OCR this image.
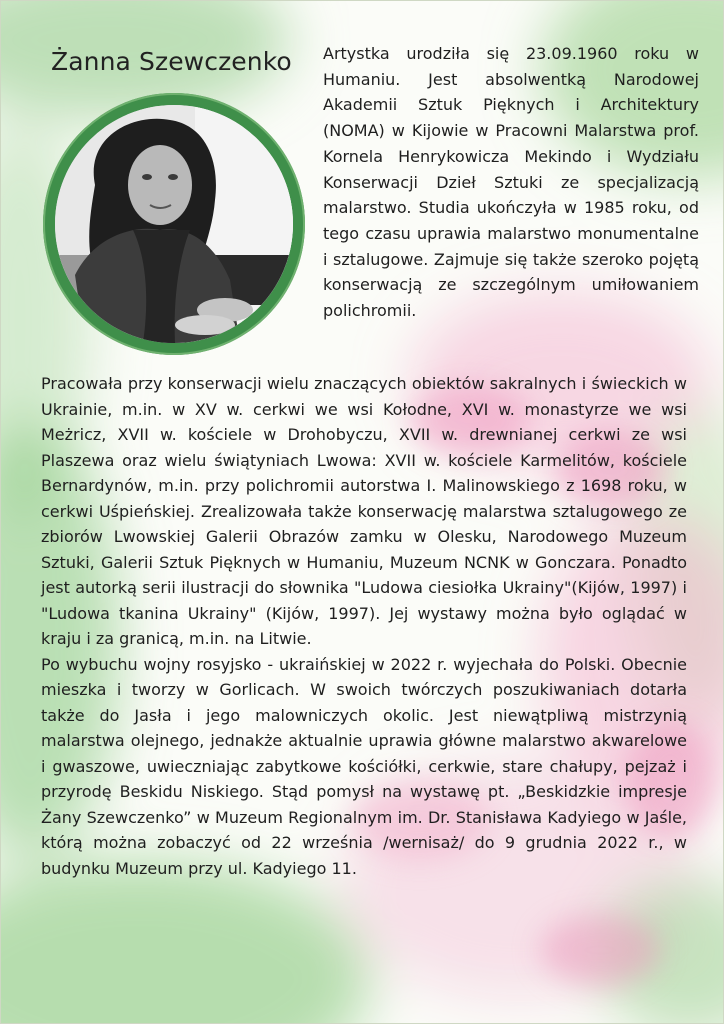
Żanna Szewczenko Artystka urodziła się 23.09.1960 roku w Humaniu. Jest absolwentką Narodowej Akademii Sztuk Pięknych i Architektury (NOMA) w Kijowie w Pracowni Malarstwa prof. Kornela Henrykowicza Mekindo i Wydziału Konserwacji Dzieł Sztuki ze specjalizacją malarstwo. Studia ukończyła w 1985 roku, od tego czasu uprawia malarstwo monumentalne i sztalugowe. Zajmuje się także szeroko pojętą konserwacją ze szczególnym umiłowaniem polichromii.

Pracowała przy konserwacji wielu znaczących obiektów sakralnych i świeckich w Ukrainie, m.in. w XV w. cerkwi we wsi Kołodne, XVI w. monastyrze we wsi Meżricz, XVII w. kościele w Drohobyczu, XVII w. drewnianej cerkwi ze wsi Plaszewa oraz wielu świątyniach Lwowa: XVII w. kościele Karmelitów, kościele Bernardynów, m.in. przy polichromii autorstwa I. Malinowskiego z 1698 roku, w cerkwi Uśpieńskiej. Zrealizowała także konserwację malarstwa sztalugowego ze zbiorów Lwowskiej Galerii Obrazów zamku w Olesku, Narodowego Muzeum Sztuki, Galerii Sztuk Pięknych w Humaniu, Muzeum NCNK w Gonczara. Ponadto jest autorką serii ilustracji do słownika "Ludowa ciesiołka Ukrainy"(Kijów, 1997) i "Ludowa tkanina Ukrainy" (Kijów, 1997). Jej wystawy można było oglądać w kraju i za granicą, m.in. na Litwie.

Po wybuchu wojny rosyjsko - ukraińskiej w 2022 r. wyjechała do Polski. Obecnie mieszka i tworzy w Gorlicach. W swoich twórczych poszukiwaniach dotarła także do Jasła i jego malowniczych okolic. Jest niewątpliwą mistrzynią malarstwa olejnego, jednakże aktualnie uprawia główne malarstwo akwarelowe i gwaszowe, uwieczniając zabytkowe kościółki, cerkwie, stare chałupy, pejzaż i przyrodę Beskidu Niskiego. Stąd pomysł na wystawę pt. „Beskidzkie impresje Żany Szewczenko” w Muzeum Regionalnym im. Dr. Stanisława Kadyiego w Jaśle, którą można zobaczyć od 22 września /wernisaż/ do 9 grudnia 2022 r., w budynku Muzeum przy ul. Kadyiego 11.
